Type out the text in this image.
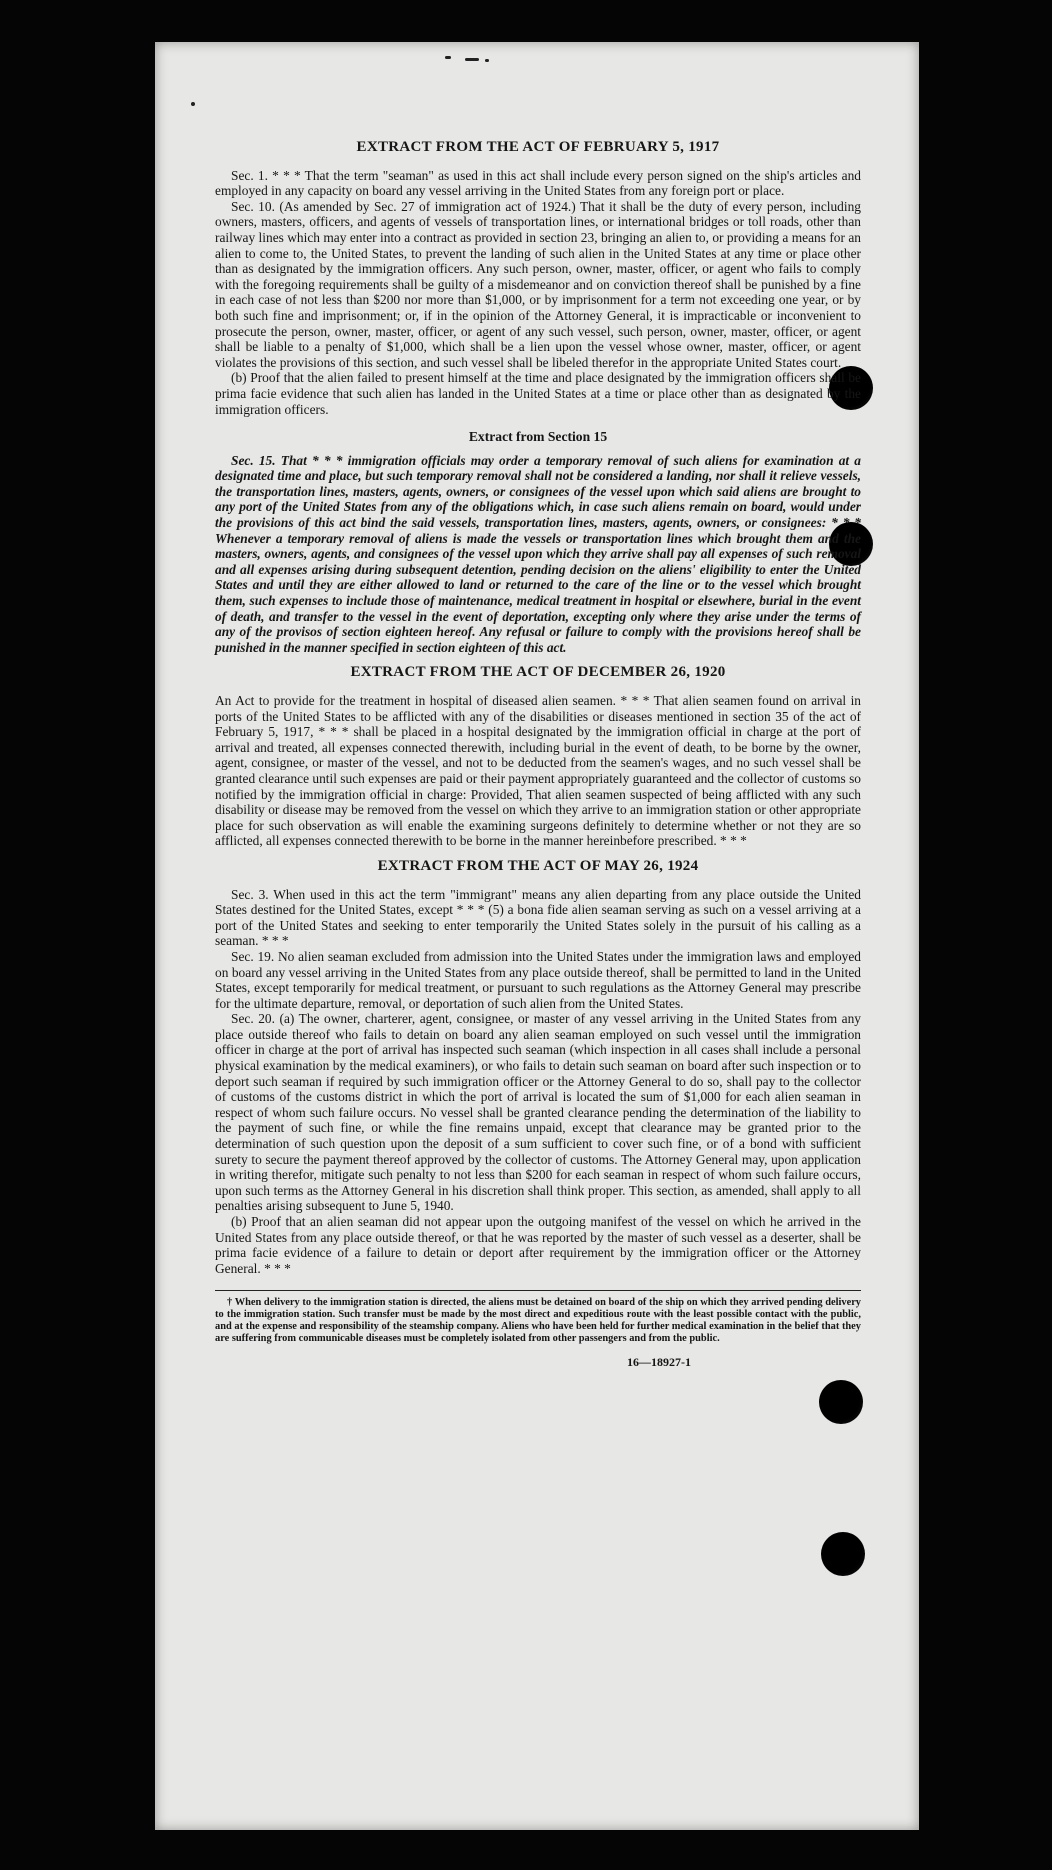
EXTRACT FROM THE ACT OF FEBRUARY 5, 1917

Sec. 1. * * * That the term "seaman" as used in this act shall include every person signed on the ship's articles and employed in any capacity on board any vessel arriving in the United States from any foreign port or place.

Sec. 10. (As amended by Sec. 27 of immigration act of 1924.) That it shall be the duty of every person, including owners, masters, officers, and agents of vessels of transportation lines, or international bridges or toll roads, other than railway lines which may enter into a contract as provided in section 23, bringing an alien to, or providing a means for an alien to come to, the United States, to prevent the landing of such alien in the United States at any time or place other than as designated by the immigration officers. Any such person, owner, master, officer, or agent who fails to comply with the foregoing requirements shall be guilty of a misdemeanor and on conviction thereof shall be punished by a fine in each case of not less than $200 nor more than $1,000, or by imprisonment for a term not exceeding one year, or by both such fine and imprisonment; or, if in the opinion of the Attorney General, it is impracticable or inconvenient to prosecute the person, owner, master, officer, or agent of any such vessel, such person, owner, master, officer, or agent shall be liable to a penalty of $1,000, which shall be a lien upon the vessel whose owner, master, officer, or agent violates the provisions of this section, and such vessel shall be libeled therefor in the appropriate United States court.

(b) Proof that the alien failed to present himself at the time and place designated by the immigration officers shall be prima facie evidence that such alien has landed in the United States at a time or place other than as designated by the immigration officers.

Extract from Section 15

Sec. 15. That * * * immigration officials may order a temporary removal of such aliens for examination at a designated time and place, but such temporary removal shall not be considered a landing, nor shall it relieve vessels, the transportation lines, masters, agents, owners, or consignees of the vessel upon which said aliens are brought to any port of the United States from any of the obligations which, in case such aliens remain on board, would under the provisions of this act bind the said vessels, transportation lines, masters, agents, owners, or consignees: * * * Whenever a temporary removal of aliens is made the vessels or transportation lines which brought them and the masters, owners, agents, and consignees of the vessel upon which they arrive shall pay all expenses of such removal and all expenses arising during subsequent detention, pending decision on the aliens' eligibility to enter the United States and until they are either allowed to land or returned to the care of the line or to the vessel which brought them, such expenses to include those of maintenance, medical treatment in hospital or elsewhere, burial in the event of death, and transfer to the vessel in the event of deportation, excepting only where they arise under the terms of any of the provisos of section eighteen hereof. Any refusal or failure to comply with the provisions hereof shall be punished in the manner specified in section eighteen of this act.

EXTRACT FROM THE ACT OF DECEMBER 26, 1920

An Act to provide for the treatment in hospital of diseased alien seamen. * * * That alien seamen found on arrival in ports of the United States to be afflicted with any of the disabilities or diseases mentioned in section 35 of the act of February 5, 1917, * * * shall be placed in a hospital designated by the immigration official in charge at the port of arrival and treated, all expenses connected therewith, including burial in the event of death, to be borne by the owner, agent, consignee, or master of the vessel, and not to be deducted from the seamen's wages, and no such vessel shall be granted clearance until such expenses are paid or their payment appropriately guaranteed and the collector of customs so notified by the immigration official in charge: Provided, That alien seamen suspected of being afflicted with any such disability or disease may be removed from the vessel on which they arrive to an immigration station or other appropriate place for such observation as will enable the examining surgeons definitely to determine whether or not they are so afflicted, all expenses connected therewith to be borne in the manner hereinbefore prescribed. * * *

EXTRACT FROM THE ACT OF MAY 26, 1924

Sec. 3. When used in this act the term "immigrant" means any alien departing from any place outside the United States destined for the United States, except * * * (5) a bona fide alien seaman serving as such on a vessel arriving at a port of the United States and seeking to enter temporarily the United States solely in the pursuit of his calling as a seaman. * * *

Sec. 19. No alien seaman excluded from admission into the United States under the immigration laws and employed on board any vessel arriving in the United States from any place outside thereof, shall be permitted to land in the United States, except temporarily for medical treatment, or pursuant to such regulations as the Attorney General may prescribe for the ultimate departure, removal, or deportation of such alien from the United States.

Sec. 20. (a) The owner, charterer, agent, consignee, or master of any vessel arriving in the United States from any place outside thereof who fails to detain on board any alien seaman employed on such vessel until the immigration officer in charge at the port of arrival has inspected such seaman (which inspection in all cases shall include a personal physical examination by the medical examiners), or who fails to detain such seaman on board after such inspection or to deport such seaman if required by such immigration officer or the Attorney General to do so, shall pay to the collector of customs of the customs district in which the port of arrival is located the sum of $1,000 for each alien seaman in respect of whom such failure occurs. No vessel shall be granted clearance pending the determination of the liability to the payment of such fine, or while the fine remains unpaid, except that clearance may be granted prior to the determination of such question upon the deposit of a sum sufficient to cover such fine, or of a bond with sufficient surety to secure the payment thereof approved by the collector of customs. The Attorney General may, upon application in writing therefor, mitigate such penalty to not less than $200 for each seaman in respect of whom such failure occurs, upon such terms as the Attorney General in his discretion shall think proper. This section, as amended, shall apply to all penalties arising subsequent to June 5, 1940.

(b) Proof that an alien seaman did not appear upon the outgoing manifest of the vessel on which he arrived in the United States from any place outside thereof, or that he was reported by the master of such vessel as a deserter, shall be prima facie evidence of a failure to detain or deport after requirement by the immigration officer or the Attorney General. * * *

† When delivery to the immigration station is directed, the aliens must be detained on board of the ship on which they arrived pending delivery to the immigration station. Such transfer must be made by the most direct and expeditious route with the least possible contact with the public, and at the expense and responsibility of the steamship company. Aliens who have been held for further medical examination in the belief that they are suffering from communicable diseases must be completely isolated from other passengers and from the public.

16—18927-1
